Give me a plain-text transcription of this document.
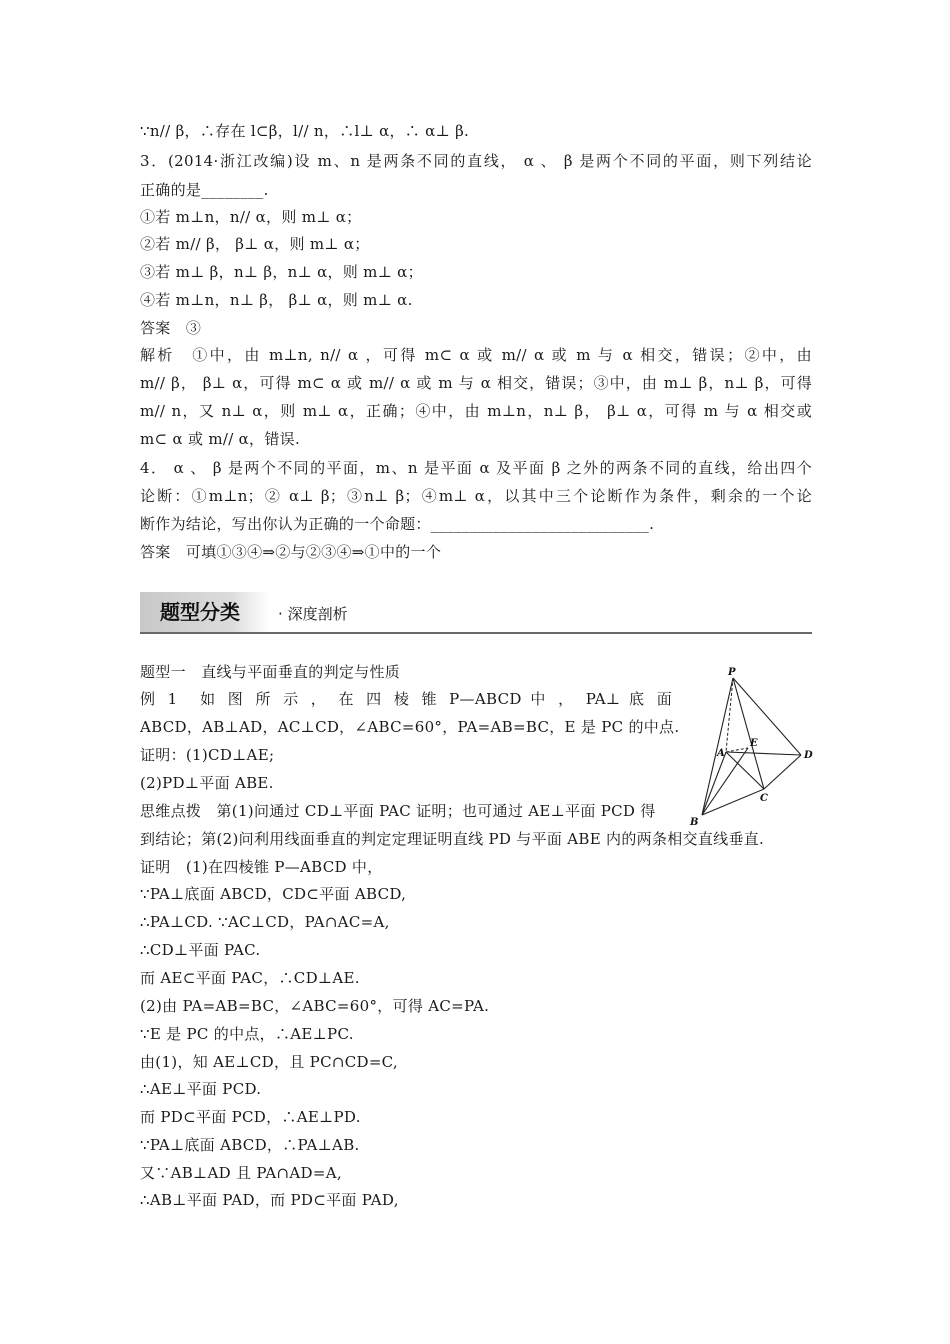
∵n// β，∴存在 l⊂β，l// n，∴l⊥ α，∴ α⊥ β.
3．(2014·浙江改编)设 m、n 是两条不同的直线， α 、 β 是两个不同的平面，则下列结论
正确的是________.
①若 m⊥n，n// α，则 m⊥ α；
②若 m// β， β⊥ α，则 m⊥ α；
③若 m⊥ β，n⊥ β，n⊥ α，则 m⊥ α；
④若 m⊥n，n⊥ β， β⊥ α，则 m⊥ α.
答案　③
解析　①中，由 m⊥n, n// α ，可得 m⊂ α 或 m// α 或 m 与 α 相交，错误；②中，由
m// β， β⊥ α，可得 m⊂ α 或 m// α 或 m 与 α 相交，错误；③中，由 m⊥ β，n⊥ β，可得
m// n，又 n⊥ α，则 m⊥ α，正确；④中，由 m⊥n，n⊥ β， β⊥ α，可得 m 与 α 相交或
m⊂ α 或 m// α，错误.
4． α 、 β 是两个不同的平面，m、n 是平面 α 及平面 β 之外的两条不同的直线，给出四个
论断：①m⊥n；② α⊥ β；③n⊥ β；④m⊥ α，以其中三个论断作为条件，剩余的一个论
断作为结论，写出你认为正确的一个命题：____________________________.
答案　可填①③④⇒②与②③④⇒①中的一个
题型分类	· 深度剖析
题型一　直线与平面垂直的判定与性质
例 1　如 图 所 示 ， 在 四 棱 锥 P—ABCD 中 ， PA⊥ 底 面
ABCD，AB⊥AD，AC⊥CD，∠ABC=60°，PA=AB=BC，E 是 PC 的中点.
证明：(1)CD⊥AE;
(2)PD⊥平面 ABE.
思维点拨　第(1)问通过 CD⊥平面 PAC 证明；也可通过 AE⊥平面 PCD 得
到结论；第(2)问利用线面垂直的判定定理证明直线 PD 与平面 ABE 内的两条相交直线垂直.
证明　(1)在四棱锥 P—ABCD 中，
∵PA⊥底面 ABCD，CD⊂平面 ABCD,
∴PA⊥CD. ∵AC⊥CD，PA∩AC=A,
∴CD⊥平面 PAC.
而 AE⊂平面 PAC，∴CD⊥AE.
(2)由 PA=AB=BC，∠ABC=60°，可得 AC=PA.
∵E 是 PC 的中点，∴AE⊥PC.
由(1)，知 AE⊥CD，且 PC∩CD=C,
∴AE⊥平面 PCD.
而 PD⊂平面 PCD，∴AE⊥PD.
∵PA⊥底面 ABCD，∴PA⊥AB.
又∵AB⊥AD 且 PA∩AD=A,
∴AB⊥平面 PAD，而 PD⊂平面 PAD,
P
A
E
D
C
B
